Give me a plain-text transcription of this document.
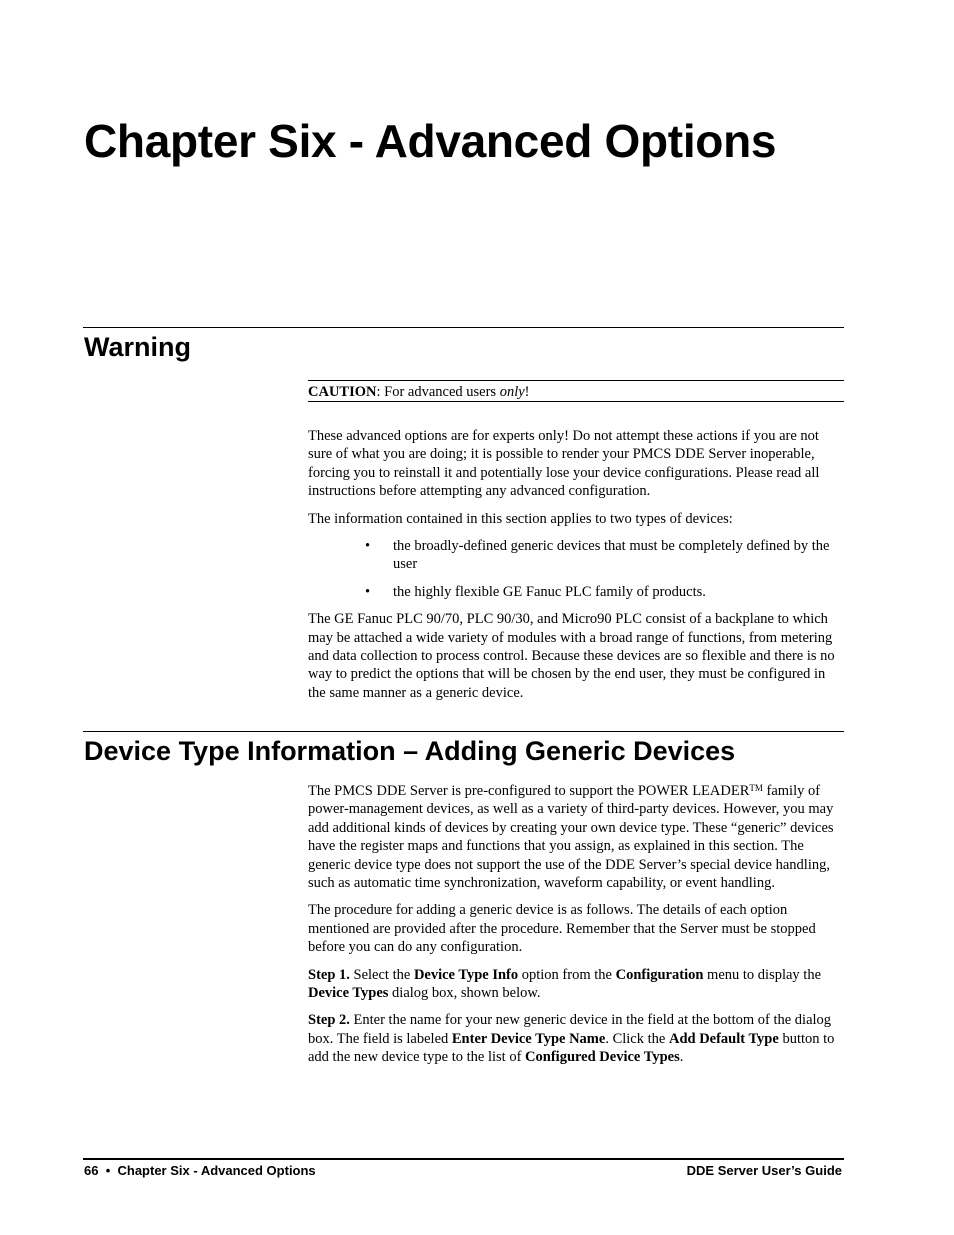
Chapter Six - Advanced Options
Warning
CAUTION: For advanced users only!

These advanced options are for experts only! Do not attempt these actions if you are not sure of what you are doing; it is possible to render your PMCS DDE Server inoperable, forcing you to reinstall it and potentially lose your device configurations. Please read all instructions before attempting any advanced configuration.

The information contained in this section applies to two types of devices:

• the broadly-defined generic devices that must be completely defined by the user
• the highly flexible GE Fanuc PLC family of products.

The GE Fanuc PLC 90/70, PLC 90/30, and Micro90 PLC consist of a backplane to which may be attached a wide variety of modules with a broad range of functions, from metering and data collection to process control. Because these devices are so flexible and there is no way to predict the options that will be chosen by the end user, they must be configured in the same manner as a generic device.

Device Type Information – Adding Generic Devices

The PMCS DDE Server is pre-configured to support the POWER LEADER™ family of power-management devices, as well as a variety of third-party devices. However, you may add additional kinds of devices by creating your own device type. These “generic” devices have the register maps and functions that you assign, as explained in this section. The generic device type does not support the use of the DDE Server’s special device handling, such as automatic time synchronization, waveform capability, or event handling.

The procedure for adding a generic device is as follows. The details of each option mentioned are provided after the procedure. Remember that the Server must be stopped before you can do any configuration.

Step 1. Select the Device Type Info option from the Configuration menu to display the Device Types dialog box, shown below.

Step 2. Enter the name for your new generic device in the field at the bottom of the dialog box. The field is labeled Enter Device Type Name. Click the Add Default Type button to add the new device type to the list of Configured Device Types.

66 • Chapter Six - Advanced Options	DDE Server User’s Guide
